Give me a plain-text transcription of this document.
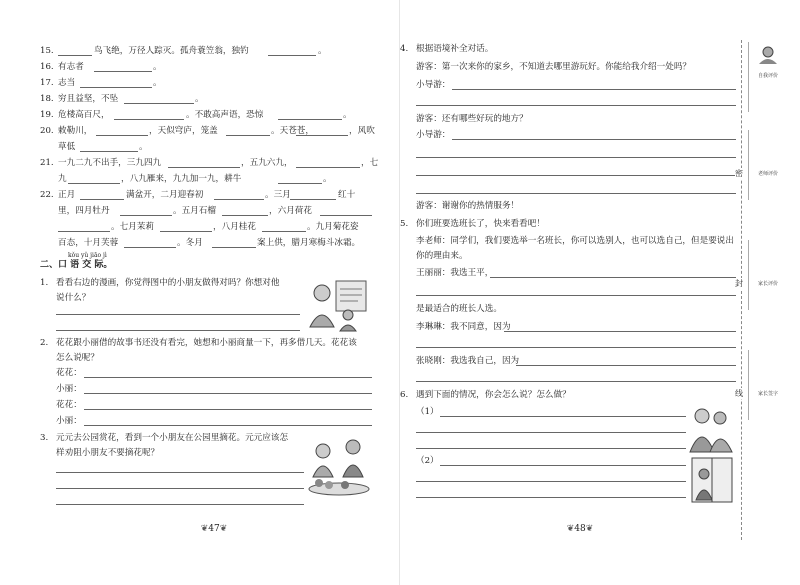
15.	鸟飞绝，万径人踪灭。孤舟蓑笠翁，独钓	。
16. 有志者	。
17. 志当	。
18. 穷且益坚，不坠	。
19. 危楼高百尺，	。不敢高声语，恐惊	。
20. 敕勒川，	，天似穹庐，笼盖	。天苍苍，	，风吹
草低	。
21. 一九二九不出手，三九四九	，五九六九，	，七
九	，八九雁来，九九加一九，耕牛	。
22. 正月	满盆开，二月迎春初	。三月	红十
里，四月牡丹	。五月石榴	，六月荷花
。七月茉莉	，八月桂花	。九月菊花姿
百态，十月芙蓉	。冬月	案上供，腊月寒梅斗冰霜。
kǒu yǔ jiāo jì
二、口 语 交 际。
1. 看看右边的漫画，你觉得图中的小朋友做得对吗？你想对他
说什么？
2. 花花跟小丽借的故事书还没有看完，她想和小丽商量一下，再多借几天。花花该
怎么说呢？
花花：
小丽：
花花：
小丽：
3. 元元去公园赏花，看到一个小朋友在公园里摘花。元元应该怎
样劝阻小朋友不要摘花呢？
❦47❦
4. 根据语境补全对话。
游客：第一次来你的家乡，不知道去哪里游玩好。你能给我介绍一处吗？
小导游：
游客：还有哪些好玩的地方？
小导游：
游客：谢谢你的热情服务！
5. 你们班要选班长了，快来看看吧！
李老师：同学们，我们要选举一名班长，你可以选别人，也可以选自己，但是要说出
你的理由来。
王丽丽：我选王平，
是最适合的班长人选。
李琳琳：我不同意，因为
张晓刚：我选我自己，因为
6. 遇到下面的情况，你会怎么说？怎么做？
（1）
（2）
❦48❦
密
封
线
自我评价
老师评价
家长评价
家长签字
